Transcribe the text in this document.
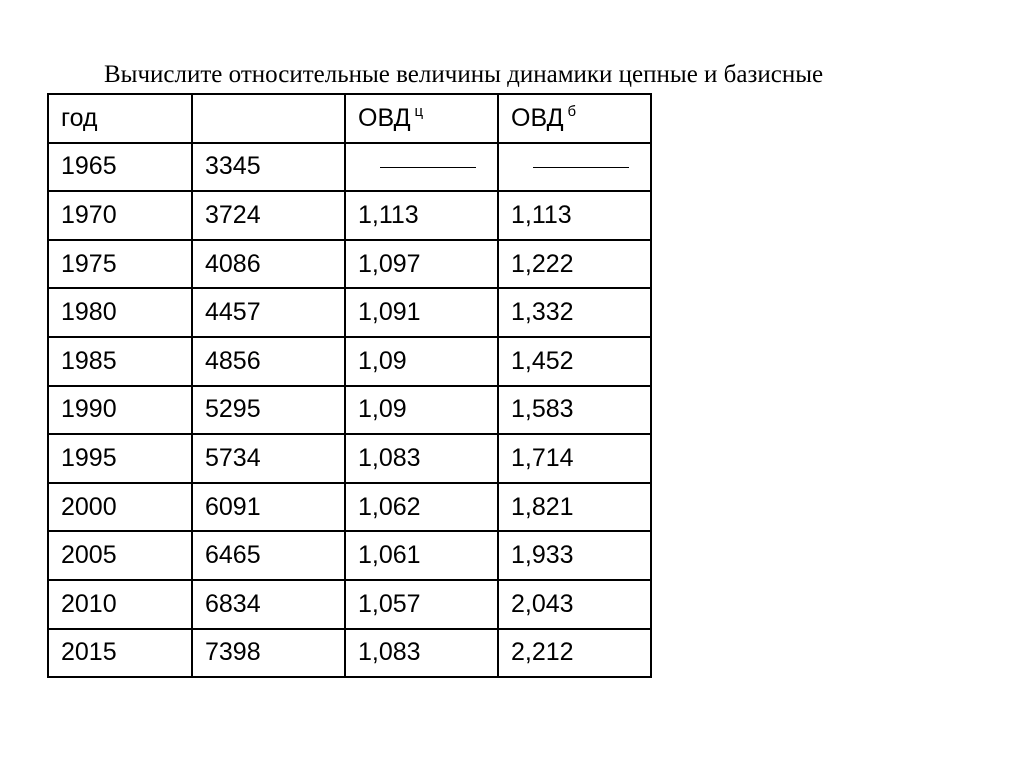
Вычислите относительные величины динамики цепные и базисные
год		ОВД $^ц$	ОВД $^б$
1965	3345		
1970	3724	1,113	1,113
1975	4086	1,097	1,222
1980	4457	1,091	1,332
1985	4856	1,09	1,452
1990	5295	1,09	1,583
1995	5734	1,083	1,714
2000	6091	1,062	1,821
2005	6465	1,061	1,933
2010	6834	1,057	2,043
2015	7398	1,083	2,212
